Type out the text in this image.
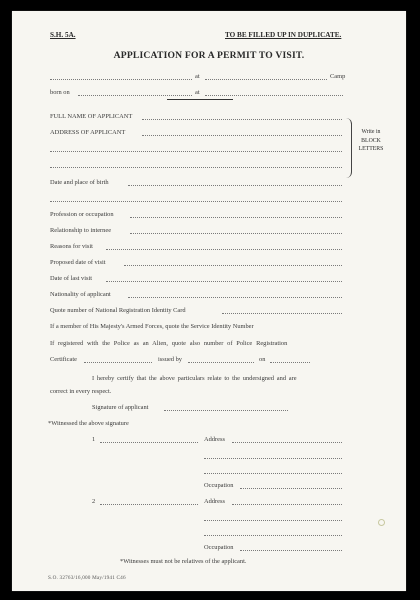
S.H. 5A.	TO BE FILLED UP IN DUPLICATE.
APPLICATION FOR A PERMIT TO VISIT.
at	Camp
born on	at
FULL NAME OF APPLICANT
ADDRESS OF APPLICANT	Write in BLOCK LETTERS
Date and place of birth
Profession or occupation
Relationship to internee
Reasons for visit
Proposed date of visit
Date of last visit
Nationality of applicant
Quote number of National Registration Identity Card
If a member of His Majesty's Armed Forces, quote the Service Identity Number
If registered with the Police as an Alien, quote also number of Police Registration
Certificate	issued by	on
I hereby certify that the above particulars relate to the undersigned and are
correct in every respect.
Signature of applicant
*Witnessed the above signature
1	Address
Occupation
2	Address
Occupation
*Witnesses must not be relatives of the applicant.
S.O. 32763/16,000 May/1941 C46
